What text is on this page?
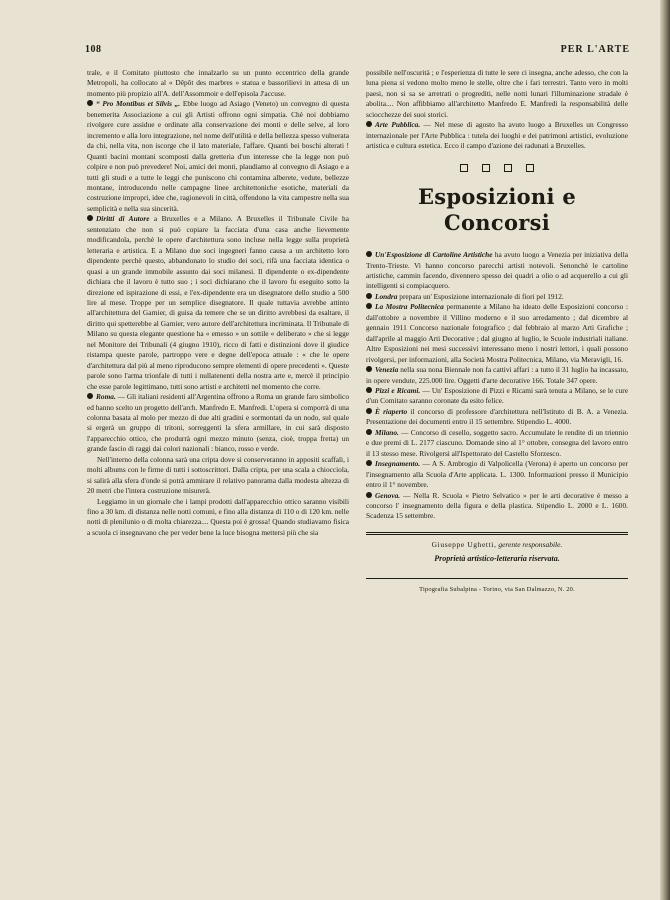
108	PER L'ARTE

trale, e il Comitato piuttosto che innalzarlo su un punto eccentrico della grande Metropoli, ha collocato al « Dêpôt des marbres » statua e bassorilievi in attesa di un momento più propizio all'A. dell'Assommoir e dell'episola J'accuse.

“ Pro Montibus et Silvis „. Ebbe luogo ad Asiago (Veneto) un convegno di questa benemerita Associazione a cui gli Artisti offrono ogni simpatia. Chè noi dobbiamo rivolgere cure assidue e ordinate alla conservazione dei monti e delle selve, al loro incremento e alla loro integrazione, nel nome dell'utilità e della bellezza spesso vulnerata da chi, nella vita, non iscorge che il lato materiale, l'affare. Quanti bei boschi alterati ! Quanti bacini montani scomposti dalla gretteria d'un interesse che la legge non può colpire e non può prevedere! Noi, amici dei monti, plaudiamo al convegno di Asiago e a tutti gli studi e a tutte le leggi che puniscono chi contamina alberete, vedute, bellezze montane, introducendo nelle campagne linee architettoniche esotiche, materiali da costruzione impropri, idee che, ragionevoli in città, offendono la vita campestre nella sua semplicità e nella sua sincerità.

Diritti di Autore a Bruxelles e a Milano. A Bruxelles il Tribunale Civile ha sentenziato che non si può copiare la facciata d'una casa anche lievemente modificandola, perchè le opere d'architettura sono incluse nella legge sulla proprietà letteraria e artistica. E a Milano due soci ingegneri fanno causa a un architetto loro dipendente perchè questo, abbandonato lo studio dei soci, rifà una facciata identica o quasi a un grande immobile assunto dai soci milanesi. Il dipendente o ex-dipendente dichiara che il lavoro è tutto suo ; i soci dichiarano che il lavoro fu eseguito sotto la direzione ed ispirazione di essi, e l'ex-dipendente era un disegnatore dello studio a 500 lire al mese. Troppe per un semplice disegnatore. Il quale tuttavia avrebbe attinto all'architettura del Garnier, di guisa da temere che se un diritto avrebbesi da esaltare, il diritto qui spetterebbe al Garnier, vero autore dell'architettura incriminata. Il Tribunale di Milano su questa elegante questione ha « emesso » un sottile « deliberato » che si legge nel Monitore dei Tribunali (4 giugno 1910), ricco di fatti e distinzioni dove il giudice ristampa queste parole, partroppo vere e degne dell'epoca attuale : « che le opere d'architettura dal più al meno riproducono sempre elementi di opere precedenti ». Queste parole sono l'arma trionfale di tutti i nullatenenti della nostra arte e, mercè il principio che esse parole legittimano, tutti sono artisti e architetti nel momento che corre.

Roma. — Gli italiani residenti all'Argentina offrono a Roma un grande faro simbolico ed hanno scelto un progetto dell'arch. Manfredo E. Manfredi. L'opera si comporrà di una colonna basata al molo per mezzo di due alti gradini e sormontati da un nodo, sul quale si ergerà un gruppo di tritoni, sorreggenti la sfera armillare, in cui sarà disposto l'apparecchio ottico, che produrrà ogni mezzo minuto (senza, cioè, troppa fretta) un grande fascio di raggi dai colori nazionali : bianco, rosso e verde.

Nell'interno della colonna sarà una cripta dove si conserveranno in appositi scaffali, i molti albums con le firme di tutti i sottoscrittori. Dalla cripta, per una scala a chiocciola, si salirà alla sfera d'onde si potrà ammirare il relativo panorama dalla modesta altezza di 20 metri che l'intera costruzione misurerà.

Leggiamo in un giornale che i lampi prodotti dall'apparecchio ottico saranno visibili fino a 30 km. di distanza nelle notti comuni, e fino alla distanza di 110 o di 120 km. nelle notti di plenilunio o di molta chiarezza.... Questa poi è grossa! Quando studiavamo fisica a scuola ci insegnavano che per veder bene la luce bisogna mettersi più che sia

possibile nell'oscurità ; e l'esperienza di tutte le sere ci insegna, anche adesso, che con la luna piena si vedono molto meno le stelle, oltre che i fari terrestri. Tanto vero in molti paesi, non si sa se arretrati o progrediti, nelle notti lunari l'illuminazione stradale è abolita.... Non affibbiamo all'architetto Manfredo E. Manfredi la responsabilità delle sciocchezze dei suoi storici.

Arte Pubblica. — Nel mese di agosto ha avuto luogo a Bruxelles un Congresso internazionale per l'Arte Pubblica : tutela dei luoghi e dei patrimoni artistici, evoluzione artistica e cultura estetica. Ecco il campo d'azione dei radunati a Bruxelles.

Esposizioni e Concorsi

Un'Esposizione di Cartoline Artistiche ha avuto luogo a Venezia per iniziativa della Trento-Trieste. Vi hanno concorso parecchi artisti notevoli. Senonchè le cartoline artistiche, cammin facendo, divennero spesso dei quadri a olio o ad acquerello a cui gli intelligenti si compiacquero.

Londra prepara un' Esposizione internazionale di fiori pel 1912.

La Mostra Politecnica permanente a Milano ha ideato delle Esposizioni concorso : dall'ottobre a novembre il Villino moderno e il suo arredamento ; dal dicembre al gennaio 1911 Concorso nazionale fotografico ; dal febbraio al marzo Arti Grafiche ; dall'aprile al maggio Arti Decorative ; dal giugno al luglio, le Scuole industriali italiane. Altre Esposizioni nei mesi successivi interessano meno i nostri lettori, i quali possono rivolgersi, per informazioni, alla Società Mostra Politecnica, Milano, via Meravigli, 16.

Venezia nella sua nona Biennale non fa cattivi affari : a tutto il 31 luglio ha incassato, in opere vendute, 225.000 lire. Oggetti d'arte decorative 166. Totale 347 opere.

Pizzi e Ricami. — Un' Esposizione di Pizzi e Ricami sarà tenuta a Milano, se le cure d'un Comitato saranno coronate da esito felice.

È riaperto il concorso di professore d'architettura nell'Istituto di B. A. a Venezia. Presentazione dei documenti entro il 15 settembre. Stipendio L. 4000.

Milano. — Concorso di cesello, soggetto sacro. Accumulate le rendite di un triennio e due premi di L. 2177 ciascuno. Domande sino al 1° ottobre, consegna del lavoro entro il 13 stesso mese. Rivolgersi all'Ispettorato del Castello Sforzesco.

Insegnamento. — A S. Ambrogio di Valpolicella (Verona) è aperto un concorso per l'insegnamento alla Scuola d'Arte applicata. L. 1300. Informazioni presso il Municipio entro il 1° novembre.

Genova. — Nella R. Scuola « Pietro Selvatico » per le arti decorative è messo a concorso l' insegnamento della figura e della plastica. Stipendio L. 2000 e L. 1600. Scadenza 15 settembre.

Giuseppe Ughetti, gerente responsabile.
Proprietà artistico-letteraria riservata.
Tipografia Subalpina - Torino, via San Dalmazzo, N. 20.
